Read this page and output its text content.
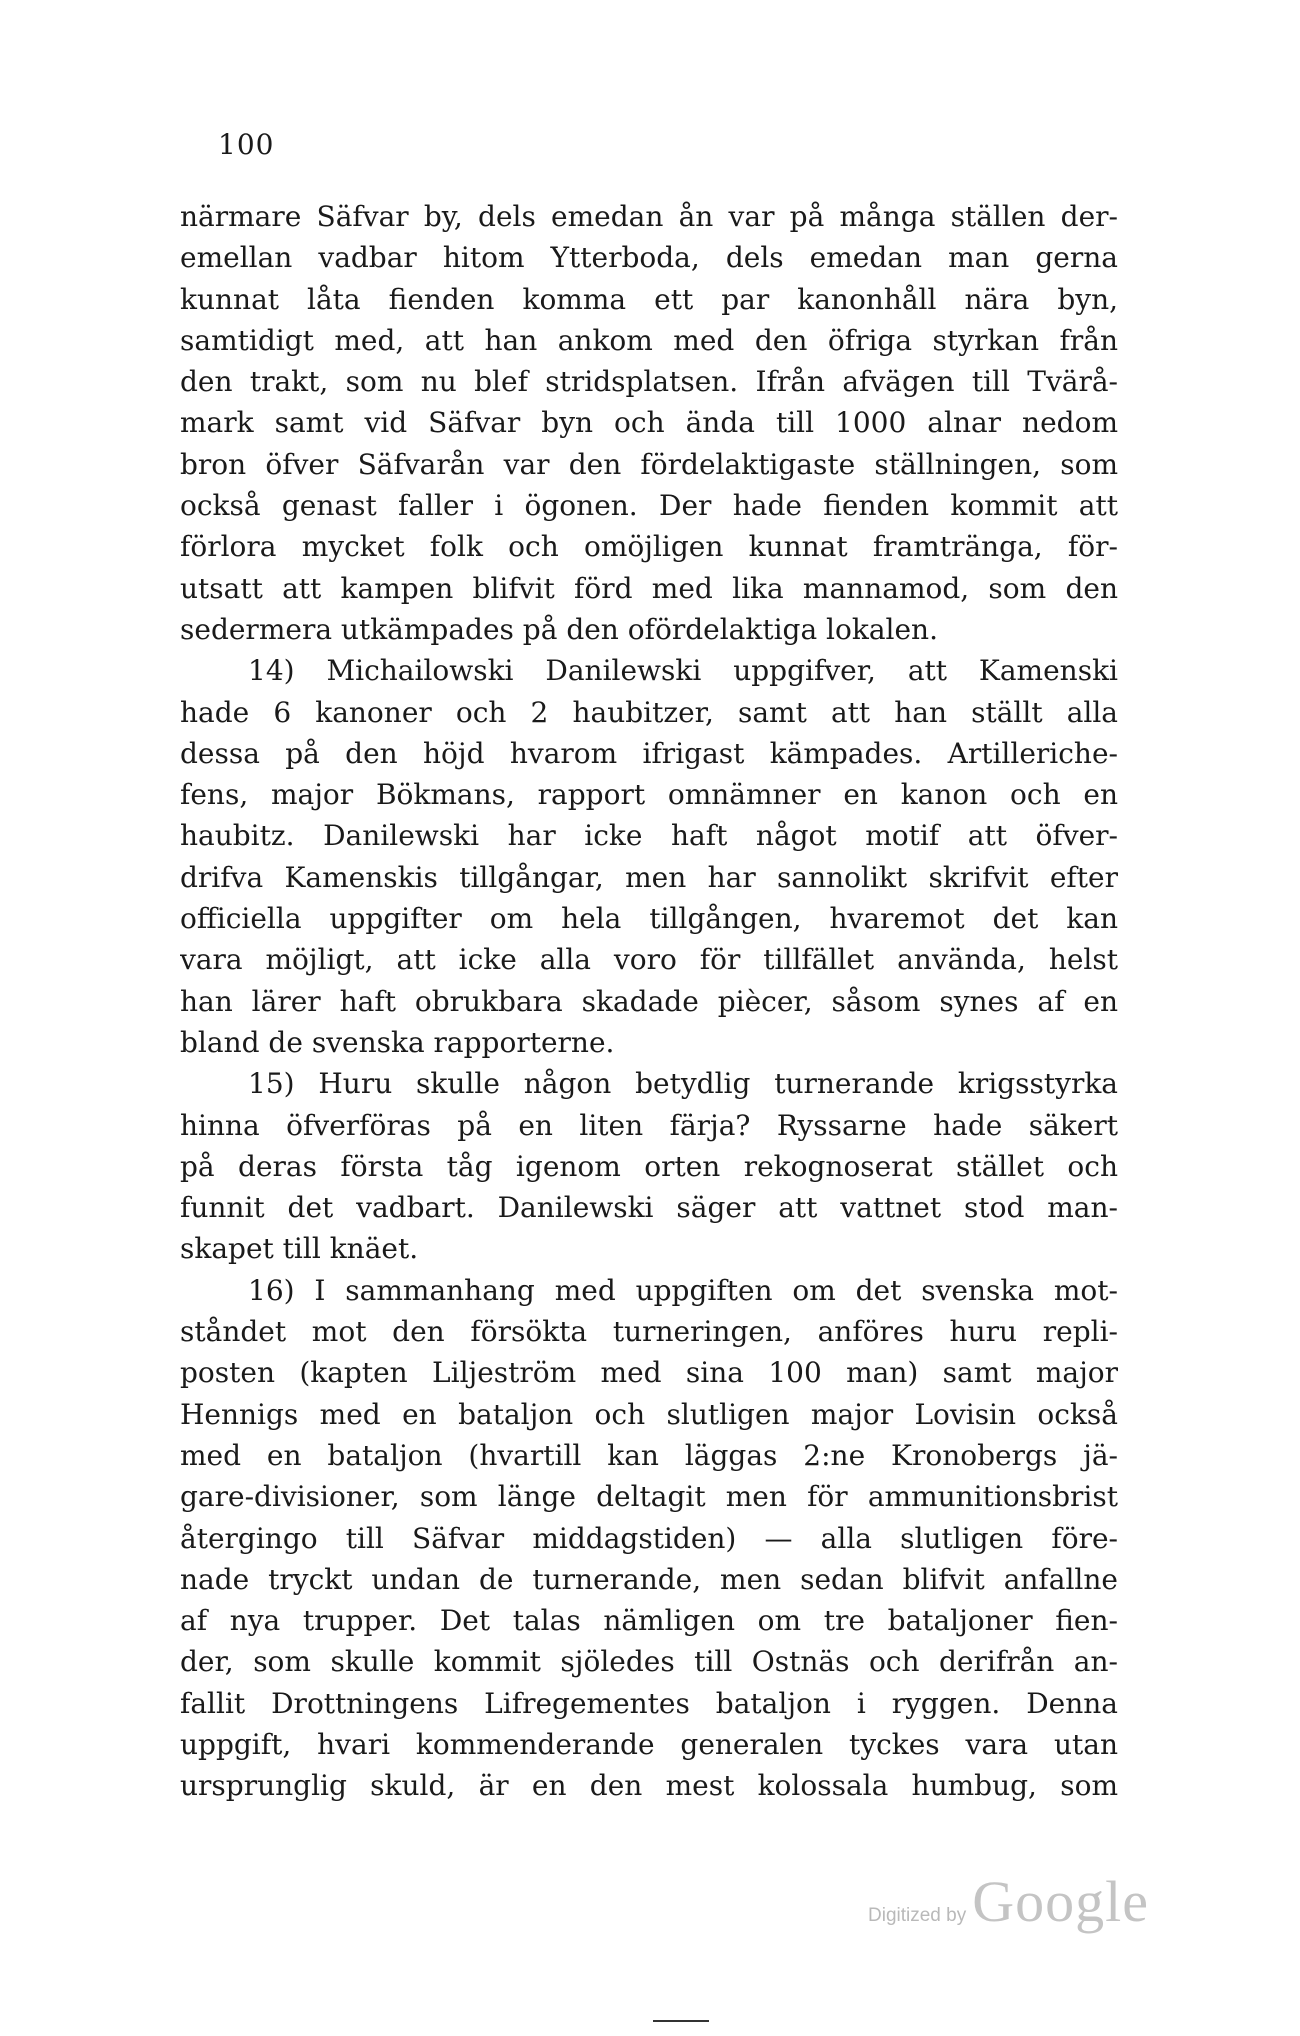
100
närmare Säfvar by, dels emedan ån var på många ställen der-
emellan vadbar hitom Ytterboda, dels emedan man gerna
kunnat låta fienden komma ett par kanonhåll nära byn,
samtidigt med, att han ankom med den öfriga styrkan från
den trakt, som nu blef stridsplatsen. Ifrån afvägen till Tvärå-
mark samt vid Säfvar byn och ända till 1000 alnar nedom
bron öfver Säfvarån var den fördelaktigaste ställningen, som
också genast faller i ögonen. Der hade fienden kommit att
förlora mycket folk och omöjligen kunnat framtränga, för-
utsatt att kampen blifvit förd med lika mannamod, som den
sedermera utkämpades på den ofördelaktiga lokalen.
14) Michailowski Danilewski uppgifver, att Kamenski
hade 6 kanoner och 2 haubitzer, samt att han ställt alla
dessa på den höjd hvarom ifrigast kämpades. Artilleriche-
fens, major Bökmans, rapport omnämner en kanon och en
haubitz. Danilewski har icke haft något motif att öfver-
drifva Kamenskis tillgångar, men har sannolikt skrifvit efter
officiella uppgifter om hela tillgången, hvaremot det kan
vara möjligt, att icke alla voro för tillfället använda, helst
han lärer haft obrukbara skadade piècer, såsom synes af en
bland de svenska rapporterne.
15) Huru skulle någon betydlig turnerande krigsstyrka
hinna öfverföras på en liten färja? Ryssarne hade säkert
på deras första tåg igenom orten rekognoserat stället och
funnit det vadbart. Danilewski säger att vattnet stod man-
skapet till knäet.
16) I sammanhang med uppgiften om det svenska mot-
ståndet mot den försökta turneringen, anföres huru repli-
posten (kapten Liljeström med sina 100 man) samt major
Hennigs med en bataljon och slutligen major Lovisin också
med en bataljon (hvartill kan läggas 2:ne Kronobergs jä-
gare-divisioner, som länge deltagit men för ammunitionsbrist
återgingo till Säfvar middagstiden) — alla slutligen före-
nade tryckt undan de turnerande, men sedan blifvit anfallne
af nya trupper. Det talas nämligen om tre bataljoner fien-
der, som skulle kommit sjöledes till Ostnäs och derifrån an-
fallit Drottningens Lifregementes bataljon i ryggen. Denna
uppgift, hvari kommenderande generalen tyckes vara utan
ursprunglig skuld, är en den mest kolossala humbug, som
Digitized by Google
